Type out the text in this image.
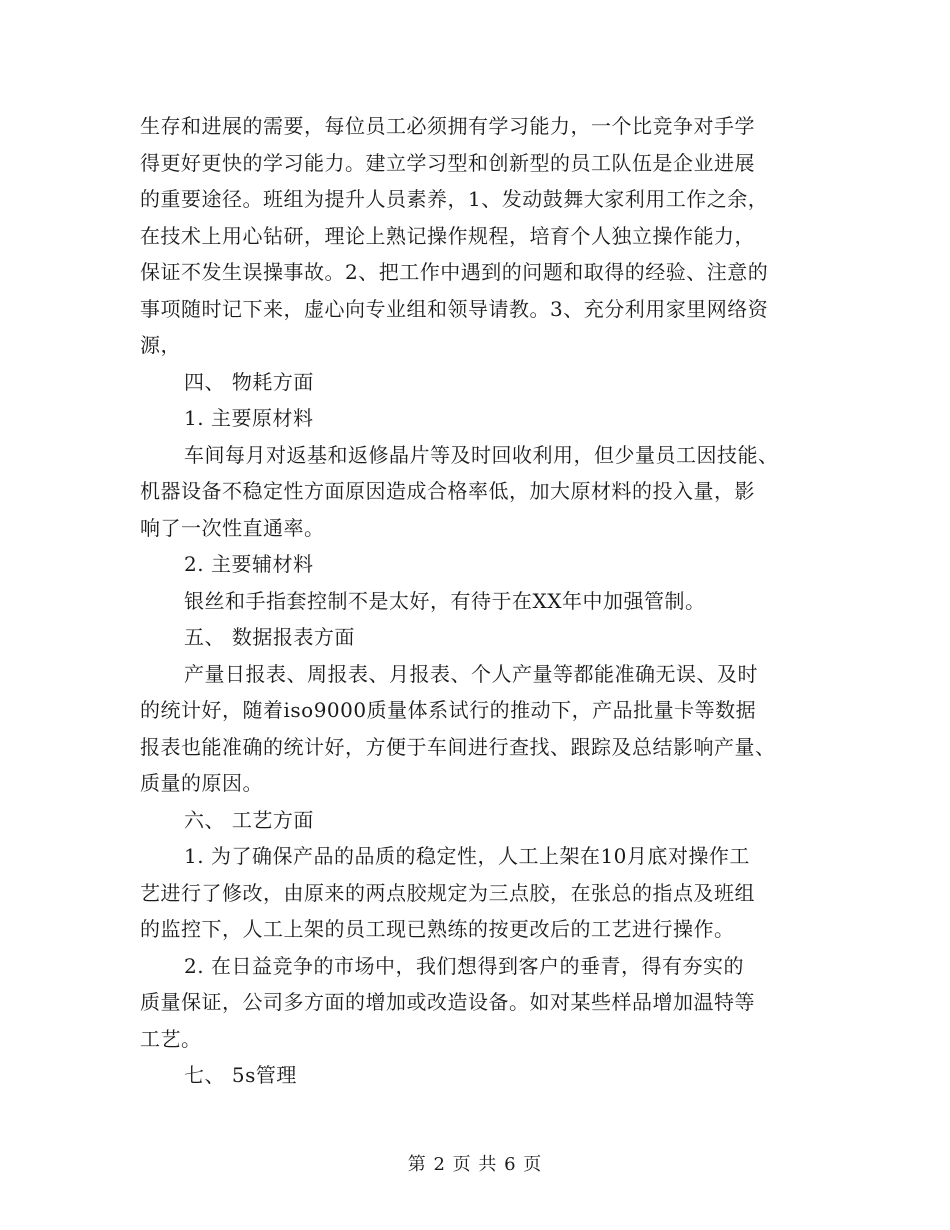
生存和进展的需要，每位员工必须拥有学习能力，一个比竞争对手学
得更好更快的学习能力。建立学习型和创新型的员工队伍是企业进展
的重要途径。班组为提升人员素养，1、发动鼓舞大家利用工作之余，
在技术上用心钻研，理论上熟记操作规程，培育个人独立操作能力，
保证不发生误操事故。2、把工作中遇到的问题和取得的经验、注意的
事项随时记下来，虚心向专业组和领导请教。3、充分利用家里网络资
源，
四、 物耗方面
1. 主要原材料
车间每月对返基和返修晶片等及时回收利用，但少量员工因技能、
机器设备不稳定性方面原因造成合格率低，加大原材料的投入量，影
响了一次性直通率。
2. 主要辅材料
银丝和手指套控制不是太好，有待于在XX年中加强管制。
五、 数据报表方面
产量日报表、周报表、月报表、个人产量等都能准确无误、及时
的统计好，随着iso9000质量体系试行的推动下，产品批量卡等数据
报表也能准确的统计好，方便于车间进行查找、跟踪及总结影响产量、
质量的原因。
六、 工艺方面
1. 为了确保产品的品质的稳定性，人工上架在10月底对操作工
艺进行了修改，由原来的两点胶规定为三点胶，在张总的指点及班组
的监控下，人工上架的员工现已熟练的按更改后的工艺进行操作。
2. 在日益竞争的市场中，我们想得到客户的垂青，得有夯实的
质量保证，公司多方面的增加或改造设备。如对某些样品增加温特等
工艺。
七、 5s管理
第 2 页 共 6 页
